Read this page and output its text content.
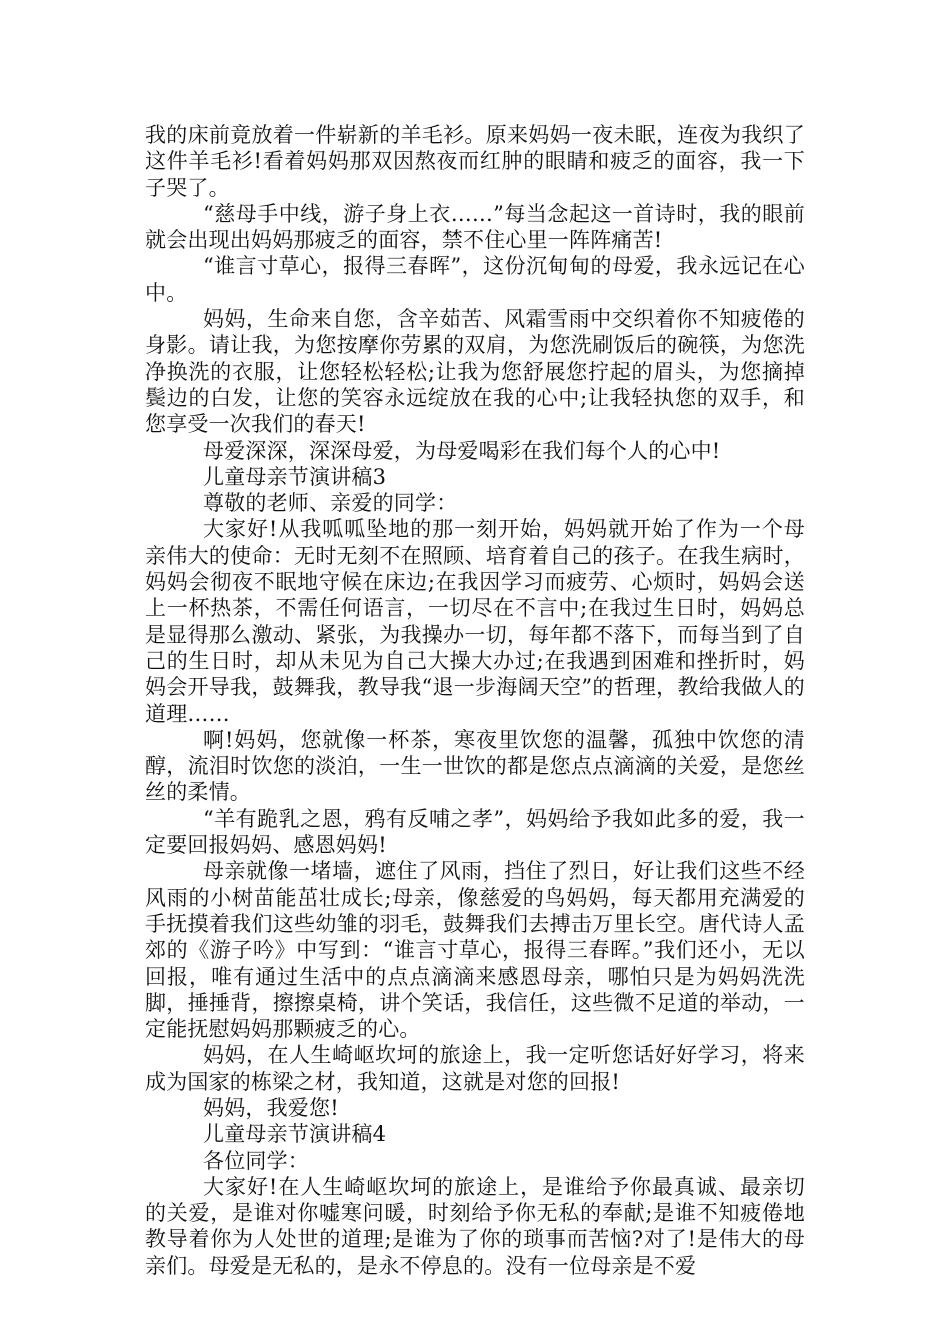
我的床前竟放着一件崭新的羊毛衫。原来妈妈一夜未眠，连夜为我织了这件羊毛衫!看着妈妈那双因熬夜而红肿的眼睛和疲乏的面容，我一下子哭了。

“慈母手中线，游子身上衣……”每当念起这一首诗时，我的眼前就会出现出妈妈那疲乏的面容，禁不住心里一阵阵痛苦!

“谁言寸草心，报得三春晖”，这份沉甸甸的母爱，我永远记在心中。

妈妈，生命来自您，含辛茹苦、风霜雪雨中交织着你不知疲倦的身影。请让我，为您按摩你劳累的双肩，为您洗刷饭后的碗筷，为您洗净换洗的衣服，让您轻松轻松;让我为您舒展您拧起的眉头，为您摘掉鬓边的白发，让您的笑容永远绽放在我的心中;让我轻执您的双手，和您享受一次我们的春天!

母爱深深，深深母爱，为母爱喝彩在我们每个人的心中!

儿童母亲节演讲稿3

尊敬的老师、亲爱的同学：

大家好!从我呱呱坠地的那一刻开始，妈妈就开始了作为一个母亲伟大的使命：无时无刻不在照顾、培育着自己的孩子。在我生病时，妈妈会彻夜不眠地守候在床边;在我因学习而疲劳、心烦时，妈妈会送上一杯热茶，不需任何语言，一切尽在不言中;在我过生日时，妈妈总是显得那么激动、紧张，为我操办一切，每年都不落下，而每当到了自己的生日时，却从未见为自己大操大办过;在我遇到困难和挫折时，妈妈会开导我，鼓舞我，教导我“退一步海阔天空”的哲理，教给我做人的道理……

啊!妈妈，您就像一杯茶，寒夜里饮您的温馨，孤独中饮您的清醇，流泪时饮您的淡泊，一生一世饮的都是您点点滴滴的关爱，是您丝丝的柔情。

“羊有跪乳之恩，鸦有反哺之孝”，妈妈给予我如此多的爱，我一定要回报妈妈、感恩妈妈!

母亲就像一堵墙，遮住了风雨，挡住了烈日，好让我们这些不经风雨的小树苗能茁壮成长;母亲，像慈爱的鸟妈妈，每天都用充满爱的手抚摸着我们这些幼雏的羽毛，鼓舞我们去搏击万里长空。唐代诗人孟郊的《游子吟》中写到：“谁言寸草心，报得三春晖。”我们还小，无以回报，唯有通过生活中的点点滴滴来感恩母亲，哪怕只是为妈妈洗洗脚，捶捶背，擦擦桌椅，讲个笑话，我信任，这些微不足道的举动，一定能抚慰妈妈那颗疲乏的心。

妈妈，在人生崎岖坎坷的旅途上，我一定听您话好好学习，将来成为国家的栋梁之材，我知道，这就是对您的回报!

妈妈，我爱您!

儿童母亲节演讲稿4

各位同学：

大家好!在人生崎岖坎坷的旅途上，是谁给予你最真诚、最亲切的关爱，是谁对你嘘寒问暖，时刻给予你无私的奉献;是谁不知疲倦地教导着你为人处世的道理;是谁为了你的琐事而苦恼?对了!是伟大的母亲们。母爱是无私的，是永不停息的。没有一位母亲是不爱
